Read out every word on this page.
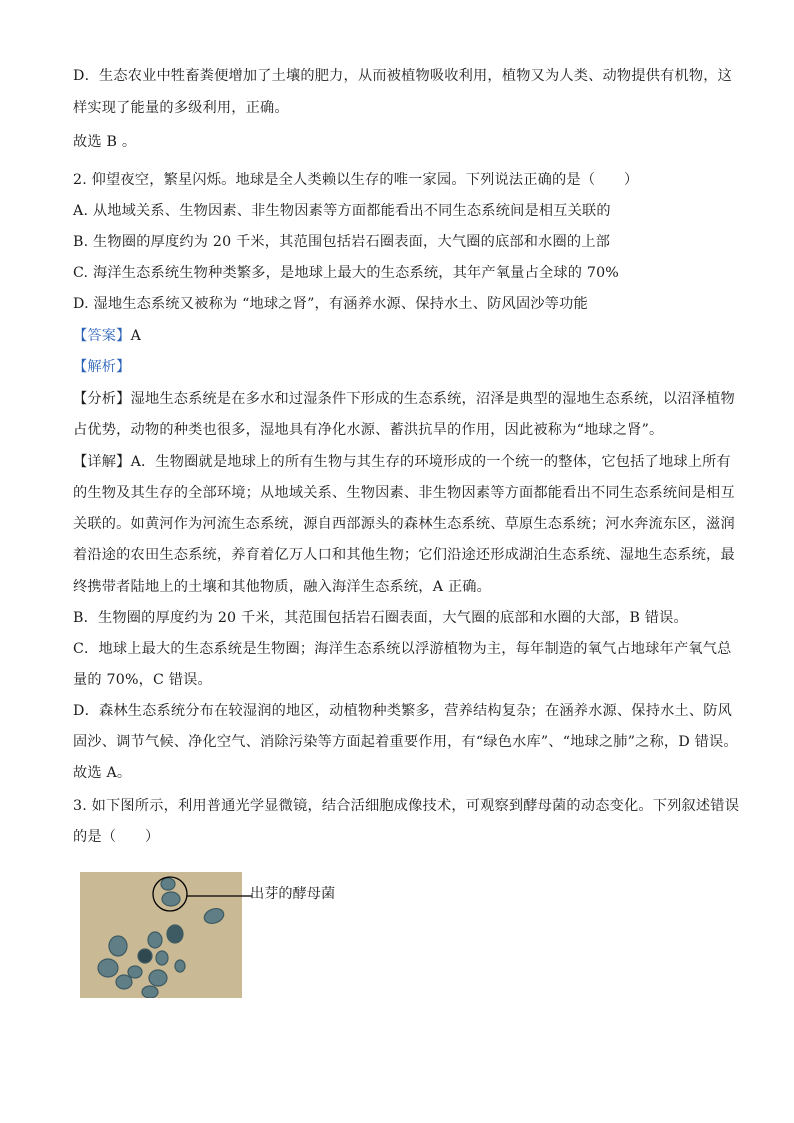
D．生态农业中牲畜粪便增加了土壤的肥力，从而被植物吸收利用，植物又为人类、动物提供有机物，这
样实现了能量的多级利用，正确。
故选 B 。
2. 仰望夜空，繁星闪烁。地球是全人类赖以生存的唯一家园。下列说法正确的是（　　）
A. 从地域关系、生物因素、非生物因素等方面都能看出不同生态系统间是相互关联的
B. 生物圈的厚度约为 20 千米，其范围包括岩石圈表面，大气圈的底部和水圈的上部
C. 海洋生态系统生物种类繁多，是地球上最大的生态系统，其年产氧量占全球的 70%
D. 湿地生态系统又被称为 “地球之肾”，有涵养水源、保持水土、防风固沙等功能
【答案】A
【解析】
【分析】湿地生态系统是在多水和过湿条件下形成的生态系统，沼泽是典型的湿地生态系统，以沼泽植物
占优势，动物的种类也很多，湿地具有净化水源、蓄洪抗旱的作用，因此被称为“地球之肾”。
【详解】A．生物圈就是地球上的所有生物与其生存的环境形成的一个统一的整体，它包括了地球上所有
的生物及其生存的全部环境；从地域关系、生物因素、非生物因素等方面都能看出不同生态系统间是相互
关联的。如黄河作为河流生态系统，源自西部源头的森林生态系统、草原生态系统；河水奔流东区，滋润
着沿途的农田生态系统，养育着亿万人口和其他生物；它们沿途还形成湖泊生态系统、湿地生态系统，最
终携带者陆地上的土壤和其他物质，融入海洋生态系统，A 正确。
B．生物圈的厚度约为 20 千米，其范围包括岩石圈表面，大气圈的底部和水圈的大部，B 错误。
C．地球上最大的生态系统是生物圈；海洋生态系统以浮游植物为主，每年制造的氧气占地球年产氧气总
量的 70%，C 错误。
D．森林生态系统分布在较湿润的地区，动植物种类繁多，营养结构复杂；在涵养水源、保持水土、防风
固沙、调节气候、净化空气、消除污染等方面起着重要作用，有“绿色水库”、“地球之肺”之称，D 错误。
故选 A。
3. 如下图所示，利用普通光学显微镜，结合活细胞成像技术，可观察到酵母菌的动态变化。下列叙述错误
的是（　　）
出芽的酵母菌
